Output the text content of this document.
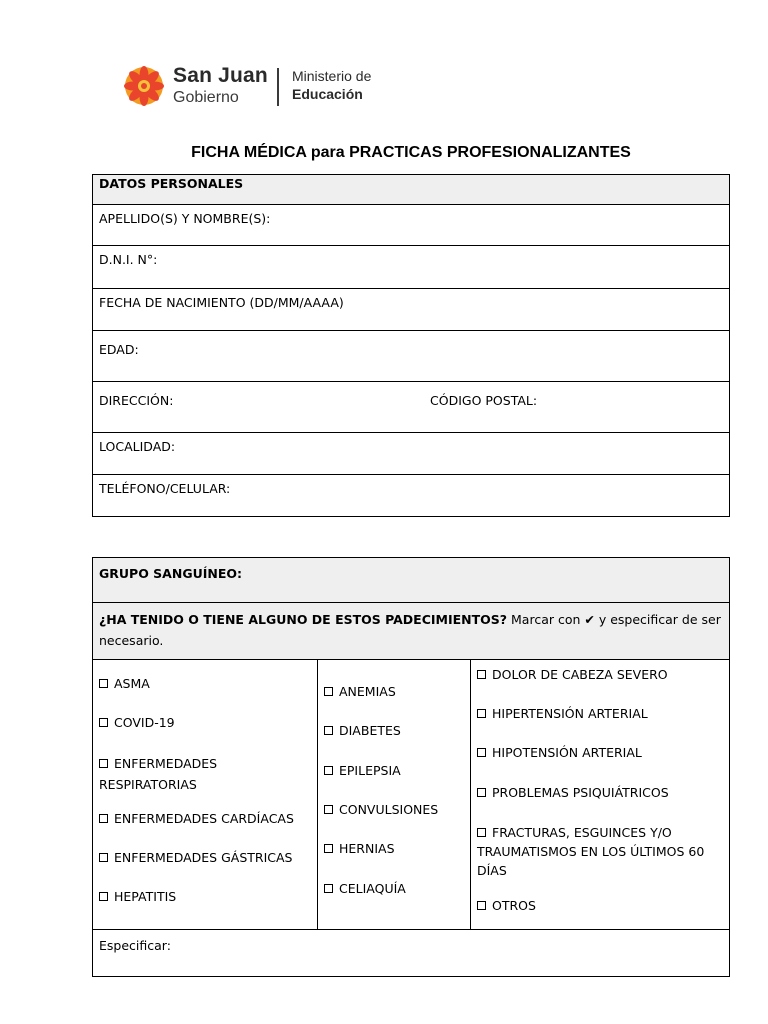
San Juan
Gobierno
Ministerio de
Educación
FICHA MÉDICA para PRACTICAS PROFESIONALIZANTES
DATOS PERSONALES
APELLIDO(S) Y NOMBRE(S):
D.N.I. N°:
FECHA DE NACIMIENTO (DD/MM/AAAA)
EDAD:
DIRECCIÓN:	CÓDIGO POSTAL:
LOCALIDAD:
TELÉFONO/CELULAR:
GRUPO SANGUÍNEO:
¿HA TENIDO O TIENE ALGUNO DE ESTOS PADECIMIENTOS? Marcar con ✔ y especificar de ser necesario.
ASMA
COVID-19
ENFERMEDADES RESPIRATORIAS
ENFERMEDADES CARDÍACAS
ENFERMEDADES GÁSTRICAS
HEPATITIS
ANEMIAS
DIABETES
EPILEPSIA
CONVULSIONES
HERNIAS
CELIAQUÍA
DOLOR DE CABEZA SEVERO
HIPERTENSIÓN ARTERIAL
HIPOTENSIÓN ARTERIAL
PROBLEMAS PSIQUIÁTRICOS
FRACTURAS, ESGUINCES Y/O TRAUMATISMOS EN LOS ÚLTIMOS 60 DÍAS
OTROS
Especificar:
